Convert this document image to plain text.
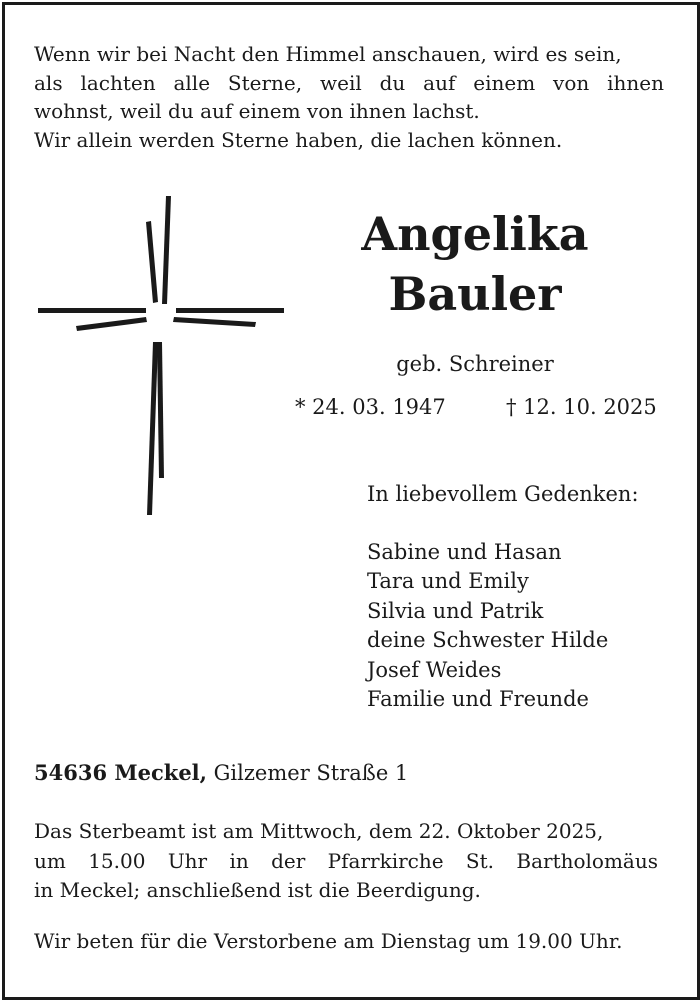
Wenn wir bei Nacht den Himmel anschauen, wird es sein,
als lachten alle Sterne, weil du auf einem von ihnen
wohnst, weil du auf einem von ihnen lachst.
Wir allein werden Sterne haben, die lachen können.
Angelika
Bauler
geb. Schreiner
* 24. 03. 1947	† 12. 10. 2025
In liebevollem Gedenken:
Sabine und Hasan
Tara und Emily
Silvia und Patrik
deine Schwester Hilde
Josef Weides
Familie und Freunde
54636 Meckel, Gilzemer Straße 1
Das Sterbeamt ist am Mittwoch, dem 22. Oktober 2025,
um 15.00 Uhr in der Pfarrkirche St. Bartholomäus
in Meckel; anschließend ist die Beerdigung.
Wir beten für die Verstorbene am Dienstag um 19.00 Uhr.
